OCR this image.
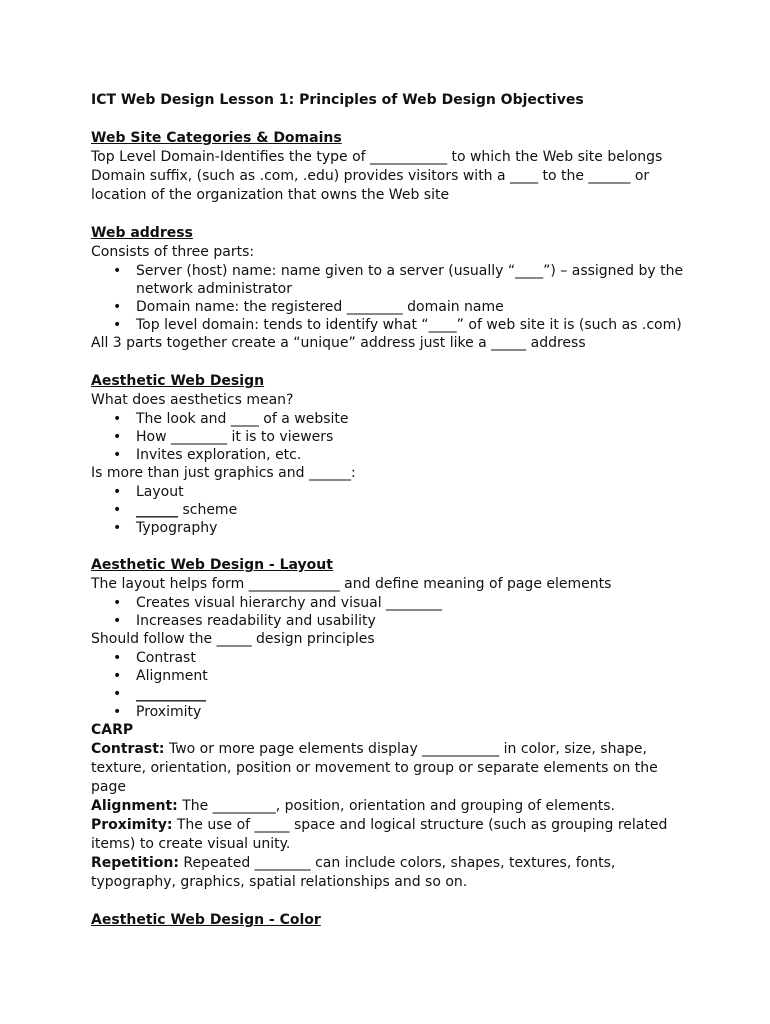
ICT Web Design Lesson 1: Principles of Web Design Objectives

Web Site Categories & Domains

Top Level Domain-Identifies the type of ___________ to which the Web site belongs

Domain suffix, (such as .com, .edu) provides visitors with a ____ to the ______ or

location of the organization that owns the Web site

Web address

Consists of three parts:

• Server (host) name: name given to a server (usually “____”) – assigned by the network administrator
• Domain name: the registered ________ domain name
• Top level domain: tends to identify what “____” of web site it is (such as .com)

All 3 parts together create a “unique” address just like a _____ address

Aesthetic Web Design

What does aesthetics mean?

• The look and ____ of a website
• How ________ it is to viewers
• Invites exploration, etc.

Is more than just graphics and ______:

• Layout
• ______ scheme
• Typography

Aesthetic Web Design - Layout

The layout helps form _____________ and define meaning of page elements

• Creates visual hierarchy and visual ________
• Increases readability and usability

Should follow the _____ design principles

• Contrast
• Alignment
• __________
• Proximity

CARP

Contrast: Two or more page elements display ___________ in color, size, shape, texture, orientation, position or movement to group or separate elements on the page

Alignment: The _________, position, orientation and grouping of elements.

Proximity: The use of _____ space and logical structure (such as grouping related items) to create visual unity.

Repetition: Repeated ________ can include colors, shapes, textures, fonts, typography, graphics, spatial relationships and so on.

Aesthetic Web Design - Color
